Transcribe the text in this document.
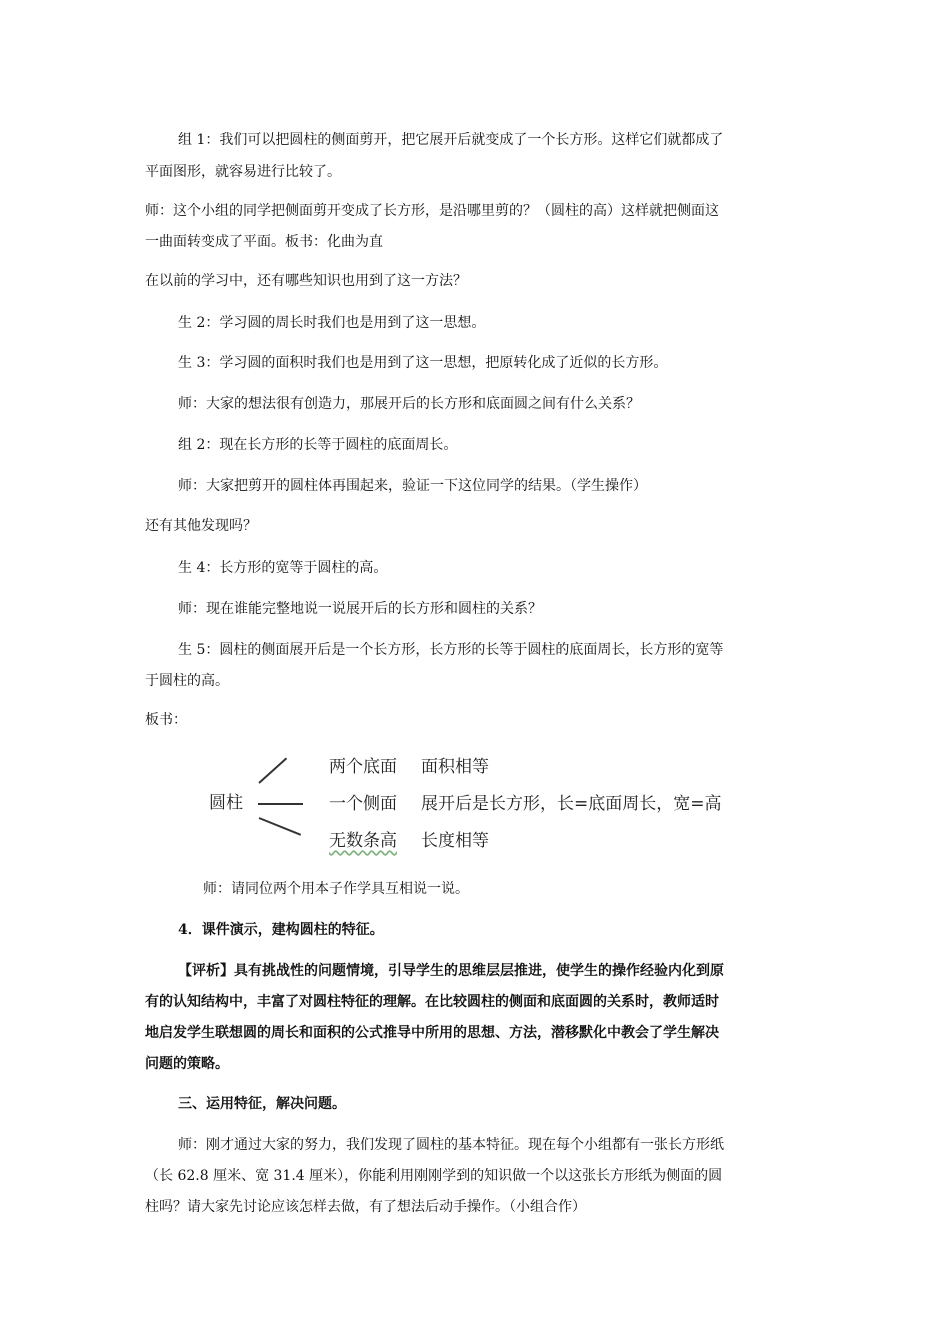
组 1：我们可以把圆柱的侧面剪开，把它展开后就变成了一个长方形。这样它们就都成了
平面图形，就容易进行比较了。
师：这个小组的同学把侧面剪开变成了长方形，是沿哪里剪的？（圆柱的高）这样就把侧面这
一曲面转变成了平面。板书：化曲为直
在以前的学习中，还有哪些知识也用到了这一方法？
生 2：学习圆的周长时我们也是用到了这一思想。
生 3：学习圆的面积时我们也是用到了这一思想，把原转化成了近似的长方形。
师：大家的想法很有创造力，那展开后的长方形和底面圆之间有什么关系？
组 2：现在长方形的长等于圆柱的底面周长。
师：大家把剪开的圆柱体再围起来，验证一下这位同学的结果。（学生操作）
还有其他发现吗？
生 4：长方形的宽等于圆柱的高。
师：现在谁能完整地说一说展开后的长方形和圆柱的关系？
生 5：圆柱的侧面展开后是一个长方形，长方形的长等于圆柱的底面周长，长方形的宽等
于圆柱的高。
板书：
圆柱
两个底面 面积相等
一个侧面 展开后是长方形，长=底面周长，宽=高
无数条高 长度相等
师：请同位两个用本子作学具互相说一说。
4．课件演示，建构圆柱的特征。
【评析】具有挑战性的问题情境，引导学生的思维层层推进，使学生的操作经验内化到原
有的认知结构中，丰富了对圆柱特征的理解。在比较圆柱的侧面和底面圆的关系时，教师适时
地启发学生联想圆的周长和面积的公式推导中所用的思想、方法，潜移默化中教会了学生解决
问题的策略。
三、运用特征，解决问题。
师：刚才通过大家的努力，我们发现了圆柱的基本特征。现在每个小组都有一张长方形纸
（长 62.8 厘米、宽 31.4 厘米），你能利用刚刚学到的知识做一个以这张长方形纸为侧面的圆
柱吗？请大家先讨论应该怎样去做，有了想法后动手操作。（小组合作）
